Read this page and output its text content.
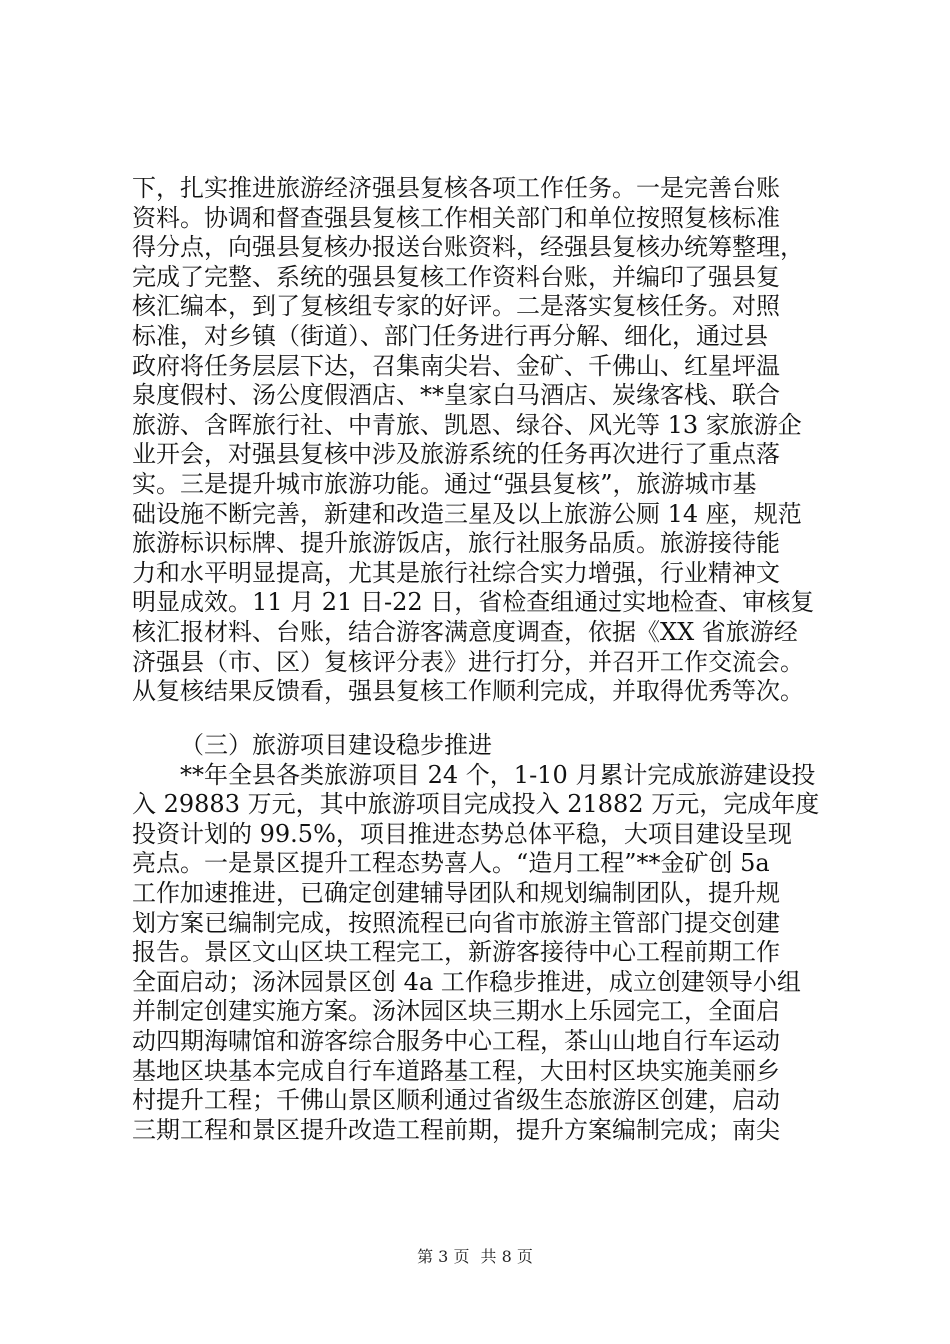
下，扎实推进旅游经济强县复核各项工作任务。一是完善台账
资料。协调和督查强县复核工作相关部门和单位按照复核标准
得分点，向强县复核办报送台账资料，经强县复核办统筹整理，
完成了完整、系统的强县复核工作资料台账，并编印了强县复
核汇编本，到了复核组专家的好评。二是落实复核任务。对照
标准，对乡镇（街道）、部门任务进行再分解、细化，通过县
政府将任务层层下达，召集南尖岩、金矿、千佛山、红星坪温
泉度假村、汤公度假酒店、**皇家白马酒店、炭缘客栈、联合
旅游、含晖旅行社、中青旅、凯恩、绿谷、风光等 13 家旅游企
业开会，对强县复核中涉及旅游系统的任务再次进行了重点落
实。三是提升城市旅游功能。通过“强县复核”，旅游城市基
础设施不断完善，新建和改造三星及以上旅游公厕 14 座，规范
旅游标识标牌、提升旅游饭店，旅行社服务品质。旅游接待能
力和水平明显提高，尤其是旅行社综合实力增强，行业精神文
明显成效。11 月 21 日-22 日，省检查组通过实地检查、审核复
核汇报材料、台账，结合游客满意度调查，依据《XX 省旅游经
济强县（市、区）复核评分表》进行打分，并召开工作交流会。
从复核结果反馈看，强县复核工作顺利完成，并取得优秀等次。
（三）旅游项目建设稳步推进
**年全县各类旅游项目 24 个，1-10 月累计完成旅游建设投
入 29883 万元，其中旅游项目完成投入 21882 万元，完成年度
投资计划的 99.5%，项目推进态势总体平稳，大项目建设呈现
亮点。一是景区提升工程态势喜人。“造月工程”**金矿创 5a
工作加速推进，已确定创建辅导团队和规划编制团队，提升规
划方案已编制完成，按照流程已向省市旅游主管部门提交创建
报告。景区文山区块工程完工，新游客接待中心工程前期工作
全面启动；汤沐园景区创 4a 工作稳步推进，成立创建领导小组
并制定创建实施方案。汤沐园区块三期水上乐园完工，全面启
动四期海啸馆和游客综合服务中心工程，茶山山地自行车运动
基地区块基本完成自行车道路基工程，大田村区块实施美丽乡
村提升工程；千佛山景区顺利通过省级生态旅游区创建，启动
三期工程和景区提升改造工程前期，提升方案编制完成；南尖
第 3 页 共 8 页
